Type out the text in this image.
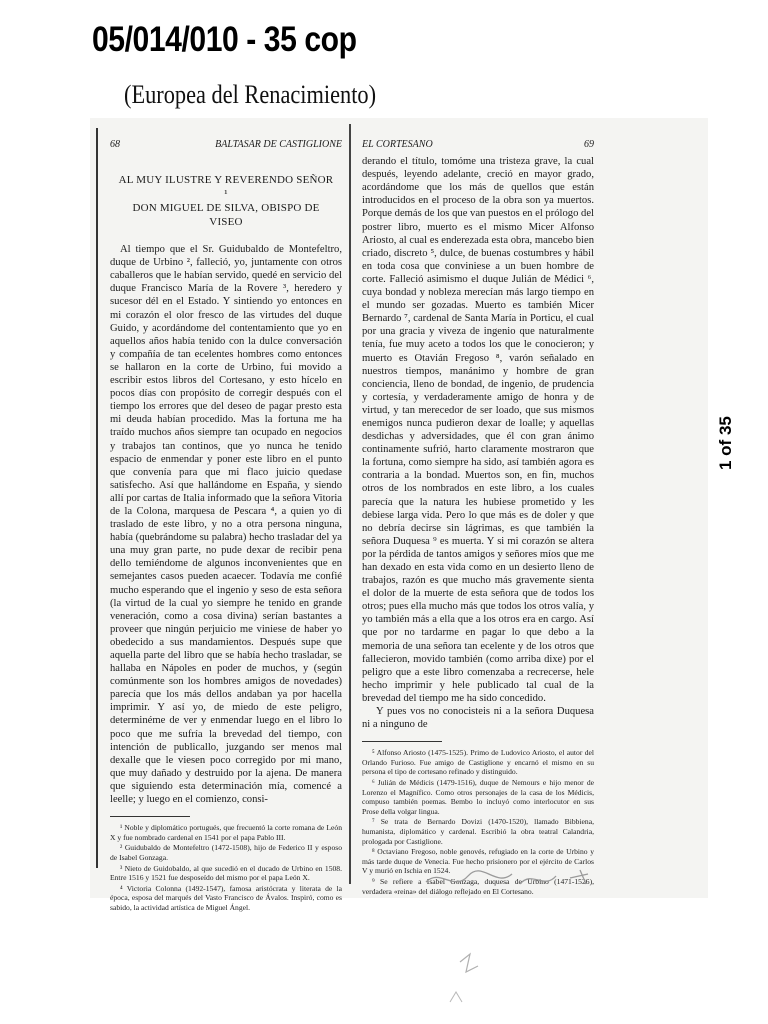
05/014/010 - 35 cop
(Europea del Renacimiento)
68	BALTASAR DE CASTIGLIONE
AL MUY ILUSTRE Y REVERENDO SEÑOR ¹
DON MIGUEL DE SILVA, OBISPO DE VISEO

Al tiempo que el Sr. Guidubaldo de Montefeltro, duque de Urbino ², falleció, yo, juntamente con otros caballeros que le habían servido, quedé en servicio del duque Francisco María de la Rovere ³, heredero y sucesor dél en el Estado. Y sintiendo yo entonces en mi corazón el olor fresco de las virtudes del duque Guido, y acordándome del contentamiento que yo en aquellos años había tenido con la dulce conversación y compañía de tan ecelentes hombres como entonces se hallaron en la corte de Urbino, fui movido a escribir estos libros del Cortesano, y esto hícelo en pocos días con propósito de corregir después con el tiempo los errores que del deseo de pagar presto esta mi deuda habían procedido. Mas la fortuna me ha traído muchos años siempre tan ocupado en negocios y trabajos tan continos, que yo nunca he tenido espacio de enmendar y poner este libro en el punto que convenía para que mi flaco juicio quedase satisfecho. Así que hallándome en España, y siendo allí por cartas de Italia informado que la señora Vitoria de la Colona, marquesa de Pescara ⁴, a quien yo di traslado de este libro, y no a otra persona ninguna, había (quebrándome su palabra) hecho trasladar del ya una muy gran parte, no pude dexar de recibir pena dello temiéndome de algunos inconvenientes que en semejantes casos pueden acaecer. Todavía me confié mucho esperando que el ingenio y seso de esta señora (la virtud de la cual yo siempre he tenido en grande veneración, como a cosa divina) serían bastantes a proveer que ningún perjuicio me viniese de haber yo obedecido a sus mandamientos. Después supe que aquella parte del libro que se había hecho trasladar, se hallaba en Nápoles en poder de muchos, y (según comúnmente son los hombres amigos de novedades) parecía que los más dellos andaban ya por hacella imprimir. Y así yo, de miedo de este peligro, determinéme de ver y enmendar luego en el libro lo poco que me sufría la brevedad del tiempo, con intención de publicallo, juzgando ser menos mal dexalle que le viesen poco corregido por mi mano, que muy dañado y destruido por la ajena. De manera que siguiendo esta determinación mía, comencé a leelle; y luego en el comienzo, consi-

¹ Noble y diplomático portugués, que frecuentó la corte romana de León X y fue nombrado cardenal en 1541 por el papa Pablo III.

² Guidubaldo de Montefeltro (1472-1508), hijo de Federico II y esposo de Isabel Gonzaga.

³ Nieto de Guidobaldo, al que sucedió en el ducado de Urbino en 1508. Entre 1516 y 1521 fue desposeído del mismo por el papa León X.

⁴ Victoria Colonna (1492-1547), famosa aristócrata y literata de la época, esposa del marqués del Vasto Francisco de Ávalos. Inspiró, como es sabido, la actividad artística de Miguel Ángel.

EL CORTESANO	69

derando el título, tomóme una tristeza grave, la cual después, leyendo adelante, creció en mayor grado, acordándome que los más de quellos que están introducidos en el proceso de la obra son ya muertos. Porque demás de los que van puestos en el prólogo del postrer libro, muerto es el mismo Micer Alfonso Ariosto, al cual es enderezada esta obra, mancebo bien criado, discreto ⁵, dulce, de buenas costumbres y hábil en toda cosa que conviniese a un buen hombre de corte. Falleció asimismo el duque Julián de Médici ⁶, cuya bondad y nobleza merecían más largo tiempo en el mundo ser gozadas. Muerto es también Micer Bernardo ⁷, cardenal de Santa María in Porticu, el cual por una gracia y viveza de ingenio que naturalmente tenía, fue muy aceto a todos los que le conocieron; y muerto es Otavián Fregoso ⁸, varón señalado en nuestros tiempos, manánimo y hombre de gran conciencia, lleno de bondad, de ingenio, de prudencia y cortesía, y verdaderamente amigo de honra y de virtud, y tan merecedor de ser loado, que sus mismos enemigos nunca pudieron dexar de loalle; y aquellas desdichas y adversidades, que él con gran ánimo continamente sufrió, harto claramente mostraron que la fortuna, como siempre ha sido, así también agora es contraria a la bondad. Muertos son, en fin, muchos otros de los nombrados en este libro, a los cuales parecía que la natura les hubiese prometido y les debiese larga vida. Pero lo que más es de doler y que no debría decirse sin lágrimas, es que también la señora Duquesa ⁹ es muerta. Y si mi corazón se altera por la pérdida de tantos amigos y señores míos que me han dexado en esta vida como en un desierto lleno de trabajos, razón es que mucho más gravemente sienta el dolor de la muerte de esta señora que de todos los otros; pues ella mucho más que todos los otros valía, y yo también más a ella que a los otros era en cargo. Así que por no tardarme en pagar lo que debo a la memoria de una señora tan ecelente y de los otros que fallecieron, movido también (como arriba dixe) por el peligro que a este libro comenzaba a recrecerse, hele hecho imprimir y hele publicado tal cual de la brevedad del tiempo me ha sido concedido.

Y pues vos no conocisteis ni a la señora Duquesa ni a ninguno de

⁵ Alfonso Ariosto (1475-1525). Primo de Ludovico Ariosto, el autor del Orlando Furioso. Fue amigo de Castiglione y encarnó el mismo en su persona el tipo de cortesano refinado y distinguido.

⁶ Julián de Médicis (1479-1516), duque de Nemours e hijo menor de Lorenzo el Magnífico. Como otros personajes de la casa de los Médicis, compuso también poemas. Bembo lo incluyó como interlocutor en sus Prose della volgar lingua.

⁷ Se trata de Bernardo Dovizi (1470-1520), llamado Bibbiena, humanista, diplomático y cardenal. Escribió la obra teatral Calandria, prologada por Castiglione.

⁸ Octaviano Fregoso, noble genovés, refugiado en la corte de Urbino y más tarde duque de Venecia. Fue hecho prisionero por el ejército de Carlos V y murió en Ischia en 1524.

⁹ Se refiere a Isabel Gonzaga, duquesa de Urbino (1471-1526), verdadera «reina» del diálogo reflejado en El Cortesano.

1 of 35
